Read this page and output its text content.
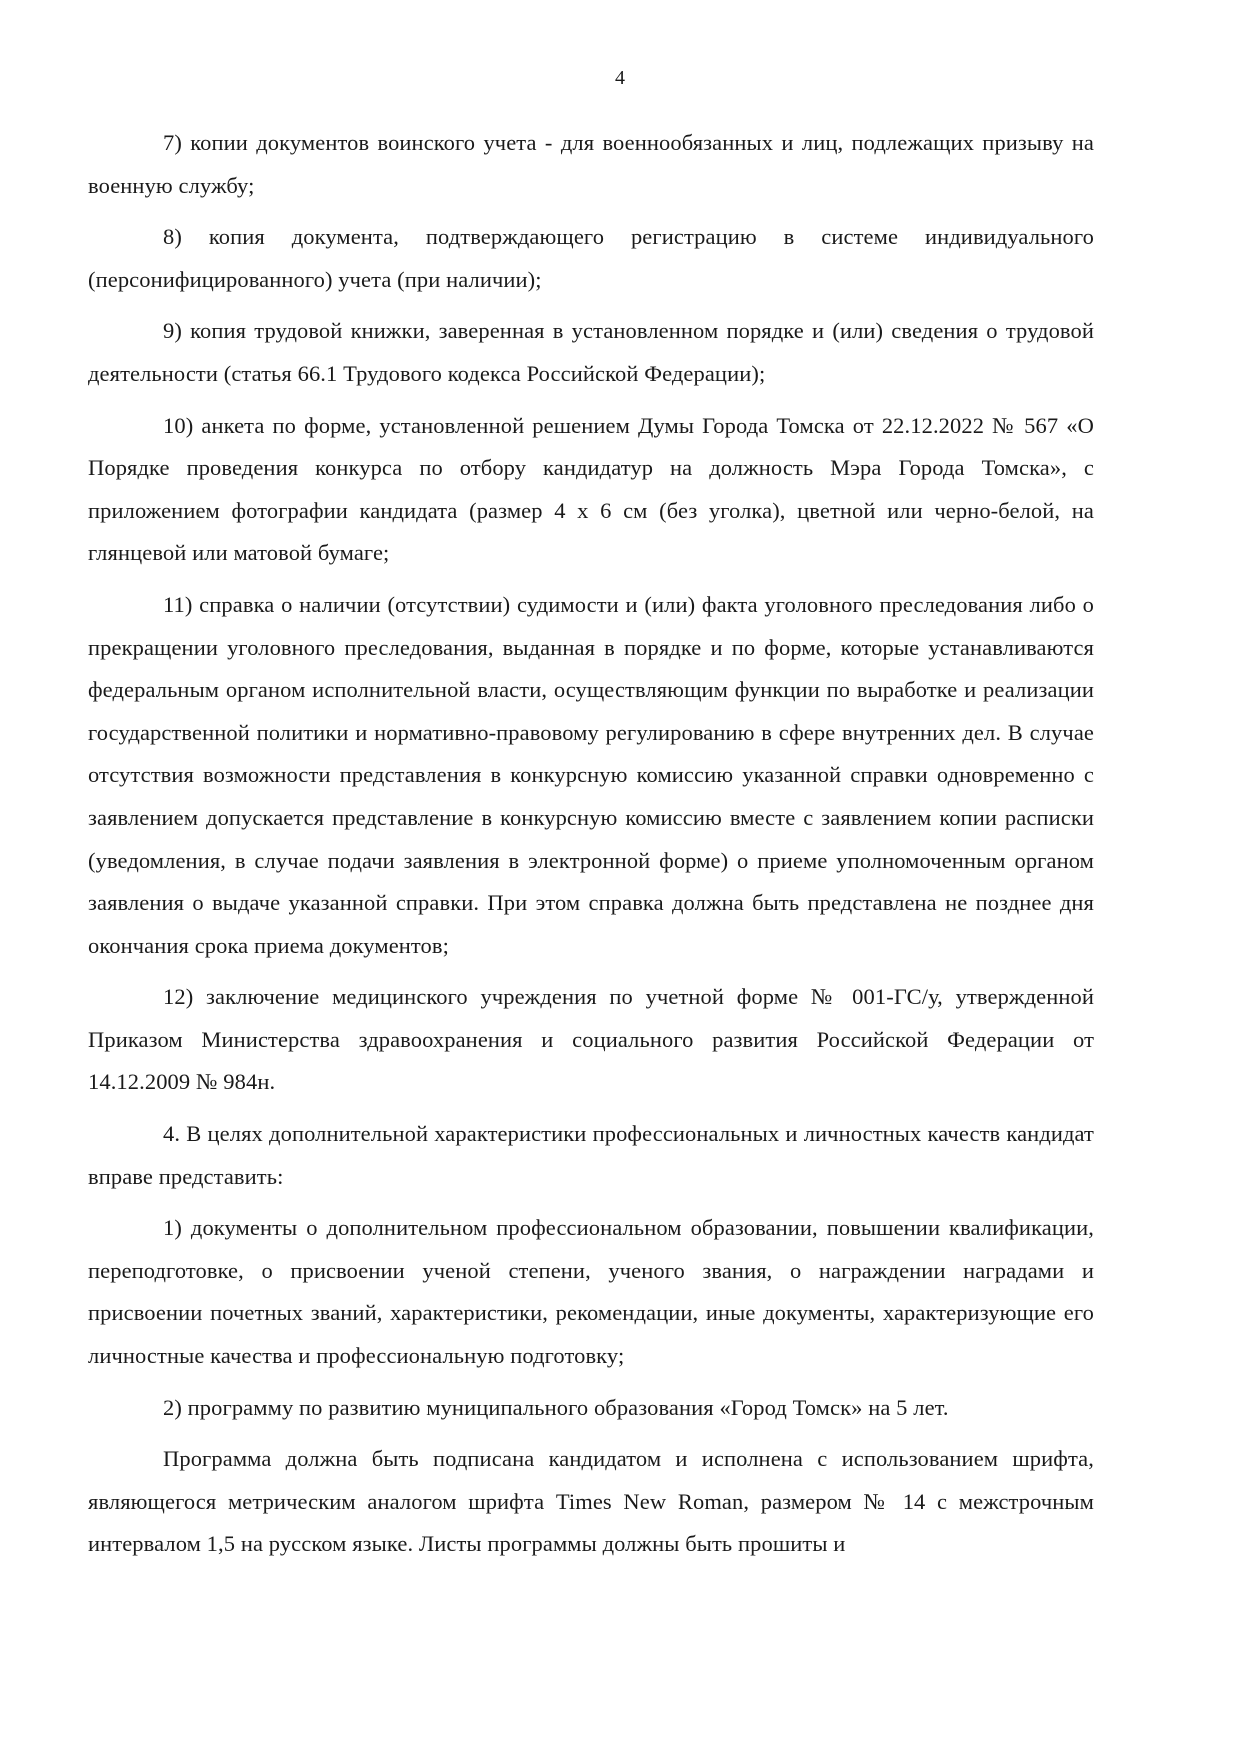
4

7) копии документов воинского учета - для военнообязанных и лиц, подлежащих призыву на военную службу;

8) копия документа, подтверждающего регистрацию в системе индивидуального (персонифицированного) учета (при наличии);

9) копия трудовой книжки, заверенная в установленном порядке и (или) сведения о трудовой деятельности (статья 66.1 Трудового кодекса Российской Федерации);

10) анкета по форме, установленной решением Думы Города Томска от 22.12.2022 № 567 «О Порядке проведения конкурса по отбору кандидатур на должность Мэра Города Томска», с приложением фотографии кандидата (размер 4 х 6 см (без уголка), цветной или черно-белой, на глянцевой или матовой бумаге;

11) справка о наличии (отсутствии) судимости и (или) факта уголовного преследования либо о прекращении уголовного преследования, выданная в порядке и по форме, которые устанавливаются федеральным органом исполнительной власти, осуществляющим функции по выработке и реализации государственной политики и нормативно-правовому регулированию в сфере внутренних дел. В случае отсутствия возможности представления в конкурсную комиссию указанной справки одновременно с заявлением допускается представление в конкурсную комиссию вместе с заявлением копии расписки (уведомления, в случае подачи заявления в электронной форме) о приеме уполномоченным органом заявления о выдаче указанной справки. При этом справка должна быть представлена не позднее дня окончания срока приема документов;

12) заключение медицинского учреждения по учетной форме № 001-ГС/у, утвержденной Приказом Министерства здравоохранения и социального развития Российской Федерации от 14.12.2009 № 984н.

4. В целях дополнительной характеристики профессиональных и личностных качеств кандидат вправе представить:

1) документы о дополнительном профессиональном образовании, повышении квалификации, переподготовке, о присвоении ученой степени, ученого звания, о награждении наградами и присвоении почетных званий, характеристики, рекомендации, иные документы, характеризующие его личностные качества и профессиональную подготовку;

2) программу по развитию муниципального образования «Город Томск» на 5 лет.

Программа должна быть подписана кандидатом и исполнена с использованием шрифта, являющегося метрическим аналогом шрифта Times New Roman, размером № 14 с межстрочным интервалом 1,5 на русском языке. Листы программы должны быть прошиты и
